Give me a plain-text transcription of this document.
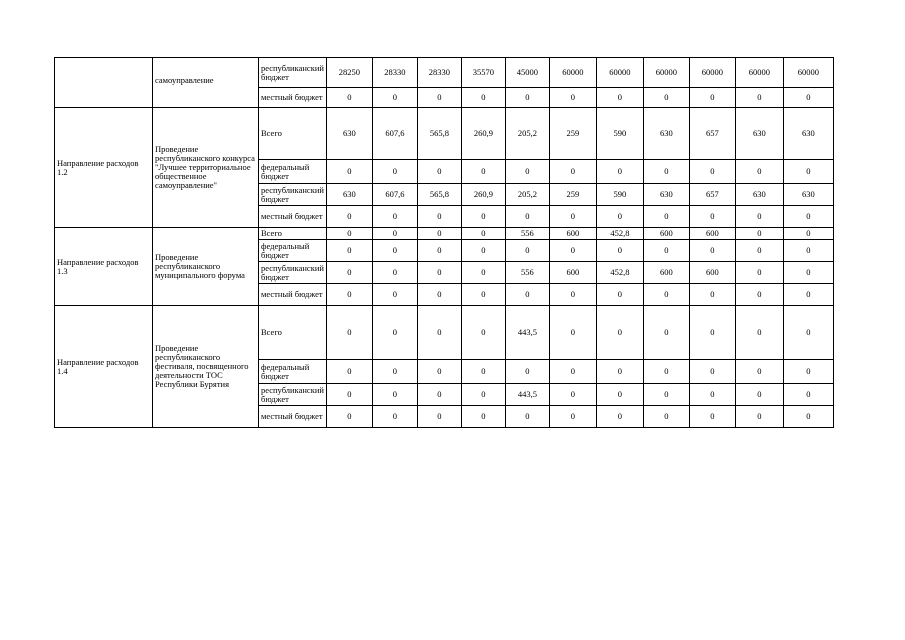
	самоуправление	республиканский бюджет	28250	28330	28330	35570	45000	60000	60000	60000	60000	60000	60000
		местный бюджет	0	0	0	0	0	0	0	0	0	0	0
Направление расходов 1.2	Проведение республиканского конкурса "Лучшее территориальное общественное самоуправление"	Всего	630	607,6	565,8	260,9	205,2	259	590	630	657	630	630
		федеральный бюджет	0	0	0	0	0	0	0	0	0	0	0
		республиканский бюджет	630	607,6	565,8	260,9	205,2	259	590	630	657	630	630
		местный бюджет	0	0	0	0	0	0	0	0	0	0	0
Направление расходов 1.3	Проведение республиканского муниципального форума	Всего	0	0	0	0	556	600	452,8	600	600	0	0
		федеральный бюджет	0	0	0	0	0	0	0	0	0	0	0
		республиканский бюджет	0	0	0	0	556	600	452,8	600	600	0	0
		местный бюджет	0	0	0	0	0	0	0	0	0	0	0
Направление расходов 1.4	Проведение республиканского фестиваля, посвященного деятельности ТОС Республики Бурятия	Всего	0	0	0	0	443,5	0	0	0	0	0	0
		федеральный бюджет	0	0	0	0	0	0	0	0	0	0	0
		республиканский бюджет	0	0	0	0	443,5	0	0	0	0	0	0
		местный бюджет	0	0	0	0	0	0	0	0	0	0	0
